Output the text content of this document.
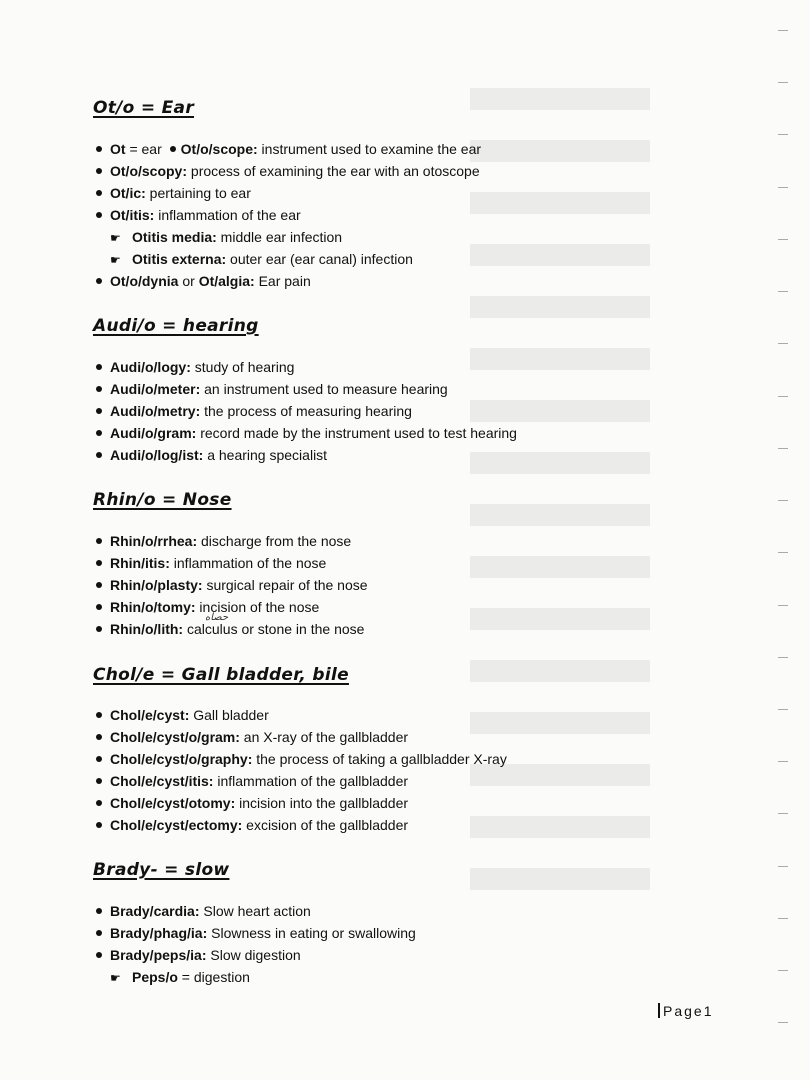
Ot/o = Ear
Ot = ear Ot/o/scope: instrument used to examine the ear
Ot/o/scopy: process of examining the ear with an otoscope
Ot/ic: pertaining to ear
Ot/itis: inflammation of the ear
☛ Otitis media: middle ear infection
☛ Otitis externa: outer ear (ear canal) infection
Ot/o/dynia or Ot/algia: Ear pain
Audi/o = hearing
Audi/o/logy: study of hearing
Audi/o/meter: an instrument used to measure hearing
Audi/o/metry: the process of measuring hearing
Audi/o/gram: record made by the instrument used to test hearing
Audi/o/log/ist: a hearing specialist
Rhin/o = Nose
Rhin/o/rrhea: discharge from the nose
Rhin/itis: inflammation of the nose
Rhin/o/plasty: surgical repair of the nose
Rhin/o/tomy: incision of the nose
Rhin/o/lith: calculus or stone in the nose
حصاه
Chol/e = Gall bladder, bile
Chol/e/cyst: Gall bladder
Chol/e/cyst/o/gram: an X-ray of the gallbladder
Chol/e/cyst/o/graphy: the process of taking a gallbladder X-ray
Chol/e/cyst/itis: inflammation of the gallbladder
Chol/e/cyst/otomy: incision into the gallbladder
Chol/e/cyst/ectomy: excision of the gallbladder
Brady- = slow
Brady/cardia: Slow heart action
Brady/phag/ia: Slowness in eating or swallowing
Brady/peps/ia: Slow digestion
☛ Peps/o = digestion
Page1
